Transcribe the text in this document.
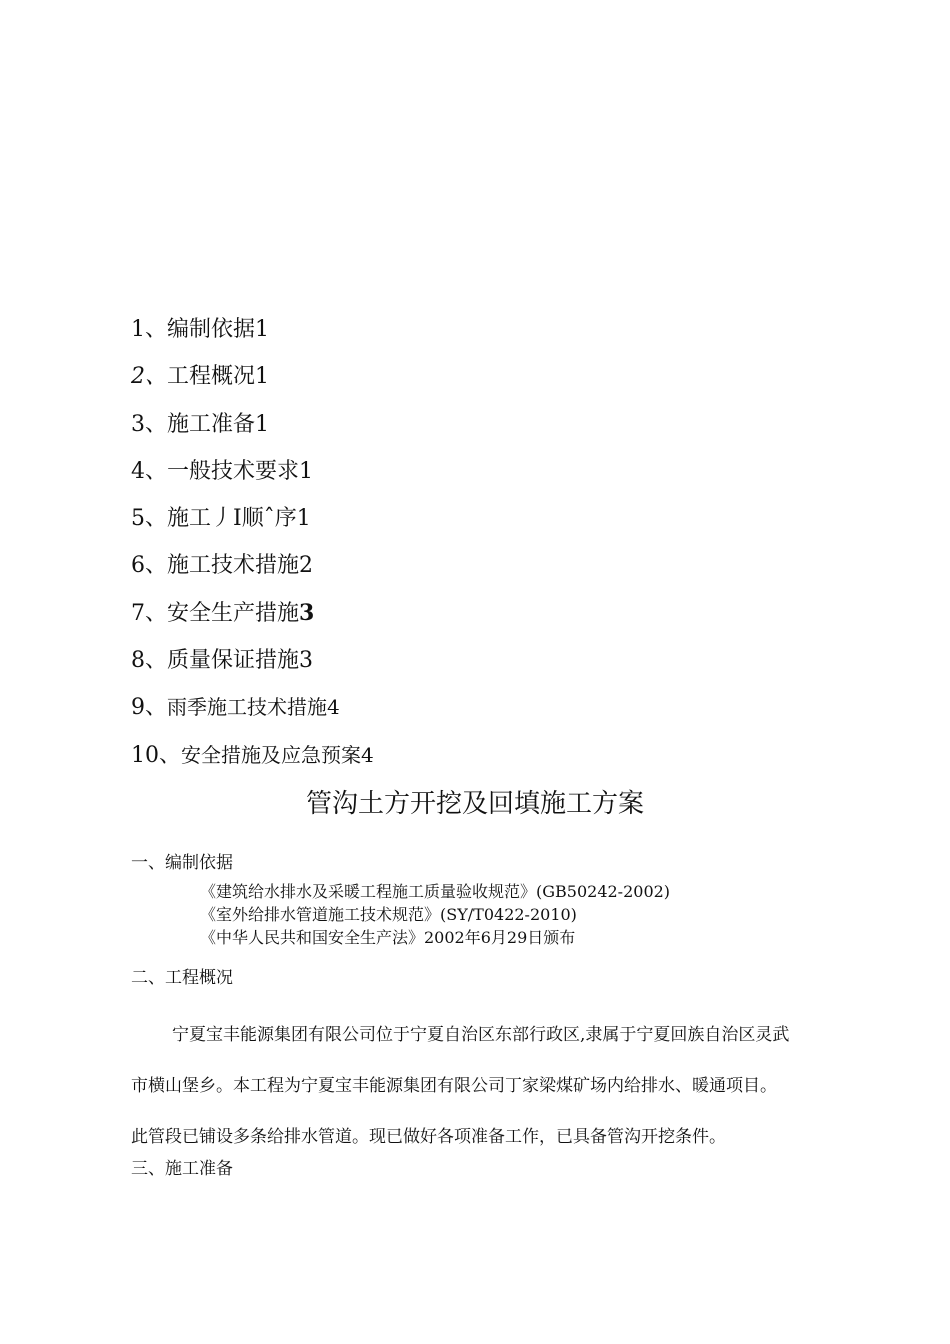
1、编制依据1
2、工程概况1
3、施工准备1
4、一般技术要求1
5、施工丿I顺ˆ序1
6、施工技术措施2
7、安全生产措施3
8、质量保证措施3
9、雨季施工技术措施4
10、安全措施及应急预案4
管沟土方开挖及回填施工方案
一、编制依据
《建筑给水排水及采暖工程施工质量验收规范》(GB50242-2002)
《室外给排水管道施工技术规范》(SY/T0422-2010)
《中华人民共和国安全生产法》2002年6月29日颁布
二、工程概况

宁夏宝丰能源集团有限公司位于宁夏自治区东部行政区,隶属于宁夏回族自治区灵武
市横山堡乡。本工程为宁夏宝丰能源集团有限公司丁家梁煤矿场内给排水、暖通项目。
此管段已铺设多条给排水管道。现已做好各项准备工作，已具备管沟开挖条件。

三、施工准备
